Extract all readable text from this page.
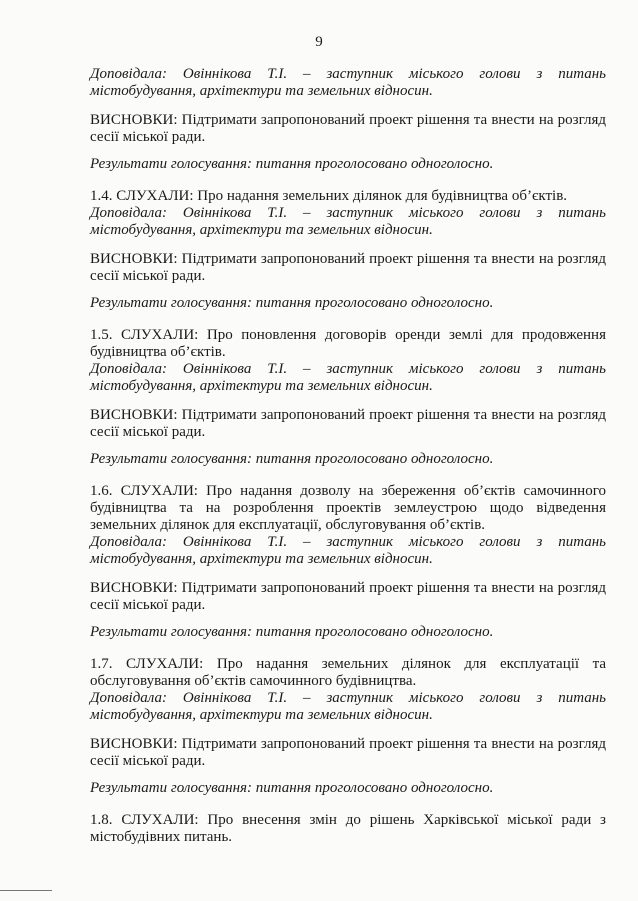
9
Доповідала: Овіннікова Т.І. – заступник міського голови з питань
містобудування, архітектури та земельних відносин.
ВИСНОВКИ: Підтримати запропонований проект рішення та внести на розгляд
сесії міської ради.
Результати голосування: питання проголосовано одноголосно.
1.4. СЛУХАЛИ: Про надання земельних ділянок для будівництва об’єктів.
Доповідала: Овіннікова Т.І. – заступник міського голови з питань
містобудування, архітектури та земельних відносин.
ВИСНОВКИ: Підтримати запропонований проект рішення та внести на розгляд
сесії міської ради.
Результати голосування: питання проголосовано одноголосно.
1.5. СЛУХАЛИ: Про поновлення договорів оренди землі для продовження
будівництва об’єктів.
Доповідала: Овіннікова Т.І. – заступник міського голови з питань
містобудування, архітектури та земельних відносин.
ВИСНОВКИ: Підтримати запропонований проект рішення та внести на розгляд
сесії міської ради.
Результати голосування: питання проголосовано одноголосно.
1.6. СЛУХАЛИ: Про надання дозволу на збереження об’єктів самочинного
будівництва та на розроблення проектів землеустрою щодо відведення
земельних ділянок для експлуатації, обслуговування об’єктів.
Доповідала: Овіннікова Т.І. – заступник міського голови з питань
містобудування, архітектури та земельних відносин.
ВИСНОВКИ: Підтримати запропонований проект рішення та внести на розгляд
сесії міської ради.
Результати голосування: питання проголосовано одноголосно.
1.7. СЛУХАЛИ: Про надання земельних ділянок для експлуатації та
обслуговування об’єктів самочинного будівництва.
Доповідала: Овіннікова Т.І. – заступник міського голови з питань
містобудування, архітектури та земельних відносин.
ВИСНОВКИ: Підтримати запропонований проект рішення та внести на розгляд
сесії міської ради.
Результати голосування: питання проголосовано одноголосно.
1.8. СЛУХАЛИ: Про внесення змін до рішень Харківської міської ради з
містобудівних питань.
